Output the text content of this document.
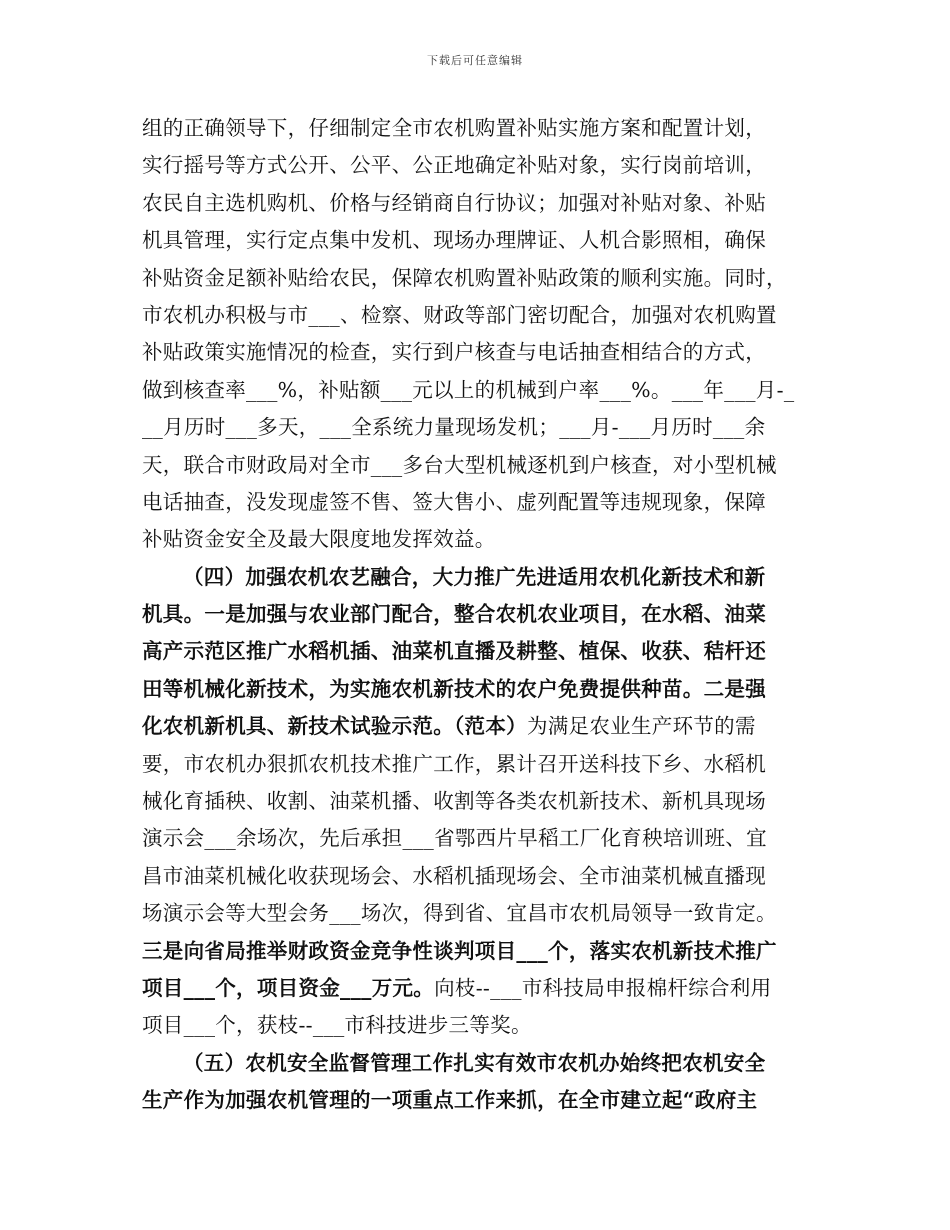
下载后可任意编辑
组的正确领导下，仔细制定全市农机购置补贴实施方案和配置计划，
实行摇号等方式公开、公平、公正地确定补贴对象，实行岗前培训，
农民自主选机购机、价格与经销商自行协议；加强对补贴对象、补贴
机具管理，实行定点集中发机、现场办理牌证、人机合影照相，确保
补贴资金足额补贴给农民，保障农机购置补贴政策的顺利实施。同时，
市农机办积极与市___、检察、财政等部门密切配合，加强对农机购置
补贴政策实施情况的检查，实行到户核查与电话抽查相结合的方式，
做到核查率___%，补贴额___元以上的机械到户率___%。___年___月-_
__月历时___多天，___全系统力量现场发机；___月-___月历时___余
天，联合市财政局对全市___多台大型机械逐机到户核查，对小型机械
电话抽查，没发现虚签不售、签大售小、虚列配置等违规现象，保障
补贴资金安全及最大限度地发挥效益。
（四）加强农机农艺融合，大力推广先进适用农机化新技术和新
机具。一是加强与农业部门配合，整合农机农业项目，在水稻、油菜
高产示范区推广水稻机插、油菜机直播及耕整、植保、收获、秸杆还
田等机械化新技术，为实施农机新技术的农户免费提供种苗。二是强
化农机新机具、新技术试验示范。（范本）为满足农业生产环节的需
要，市农机办狠抓农机技术推广工作，累计召开送科技下乡、水稻机
械化育插秧、收割、油菜机播、收割等各类农机新技术、新机具现场
演示会___余场次，先后承担___省鄂西片早稻工厂化育秧培训班、宜
昌市油菜机械化收获现场会、水稻机插现场会、全市油菜机械直播现
场演示会等大型会务___场次，得到省、宜昌市农机局领导一致肯定。
三是向省局推举财政资金竞争性谈判项目___个，落实农机新技术推广
项目___个，项目资金___万元。向枝--___市科技局申报棉杆综合利用
项目___个，获枝--___市科技进步三等奖。
（五）农机安全监督管理工作扎实有效市农机办始终把农机安全
生产作为加强农机管理的一项重点工作来抓，在全市建立起“政府主
